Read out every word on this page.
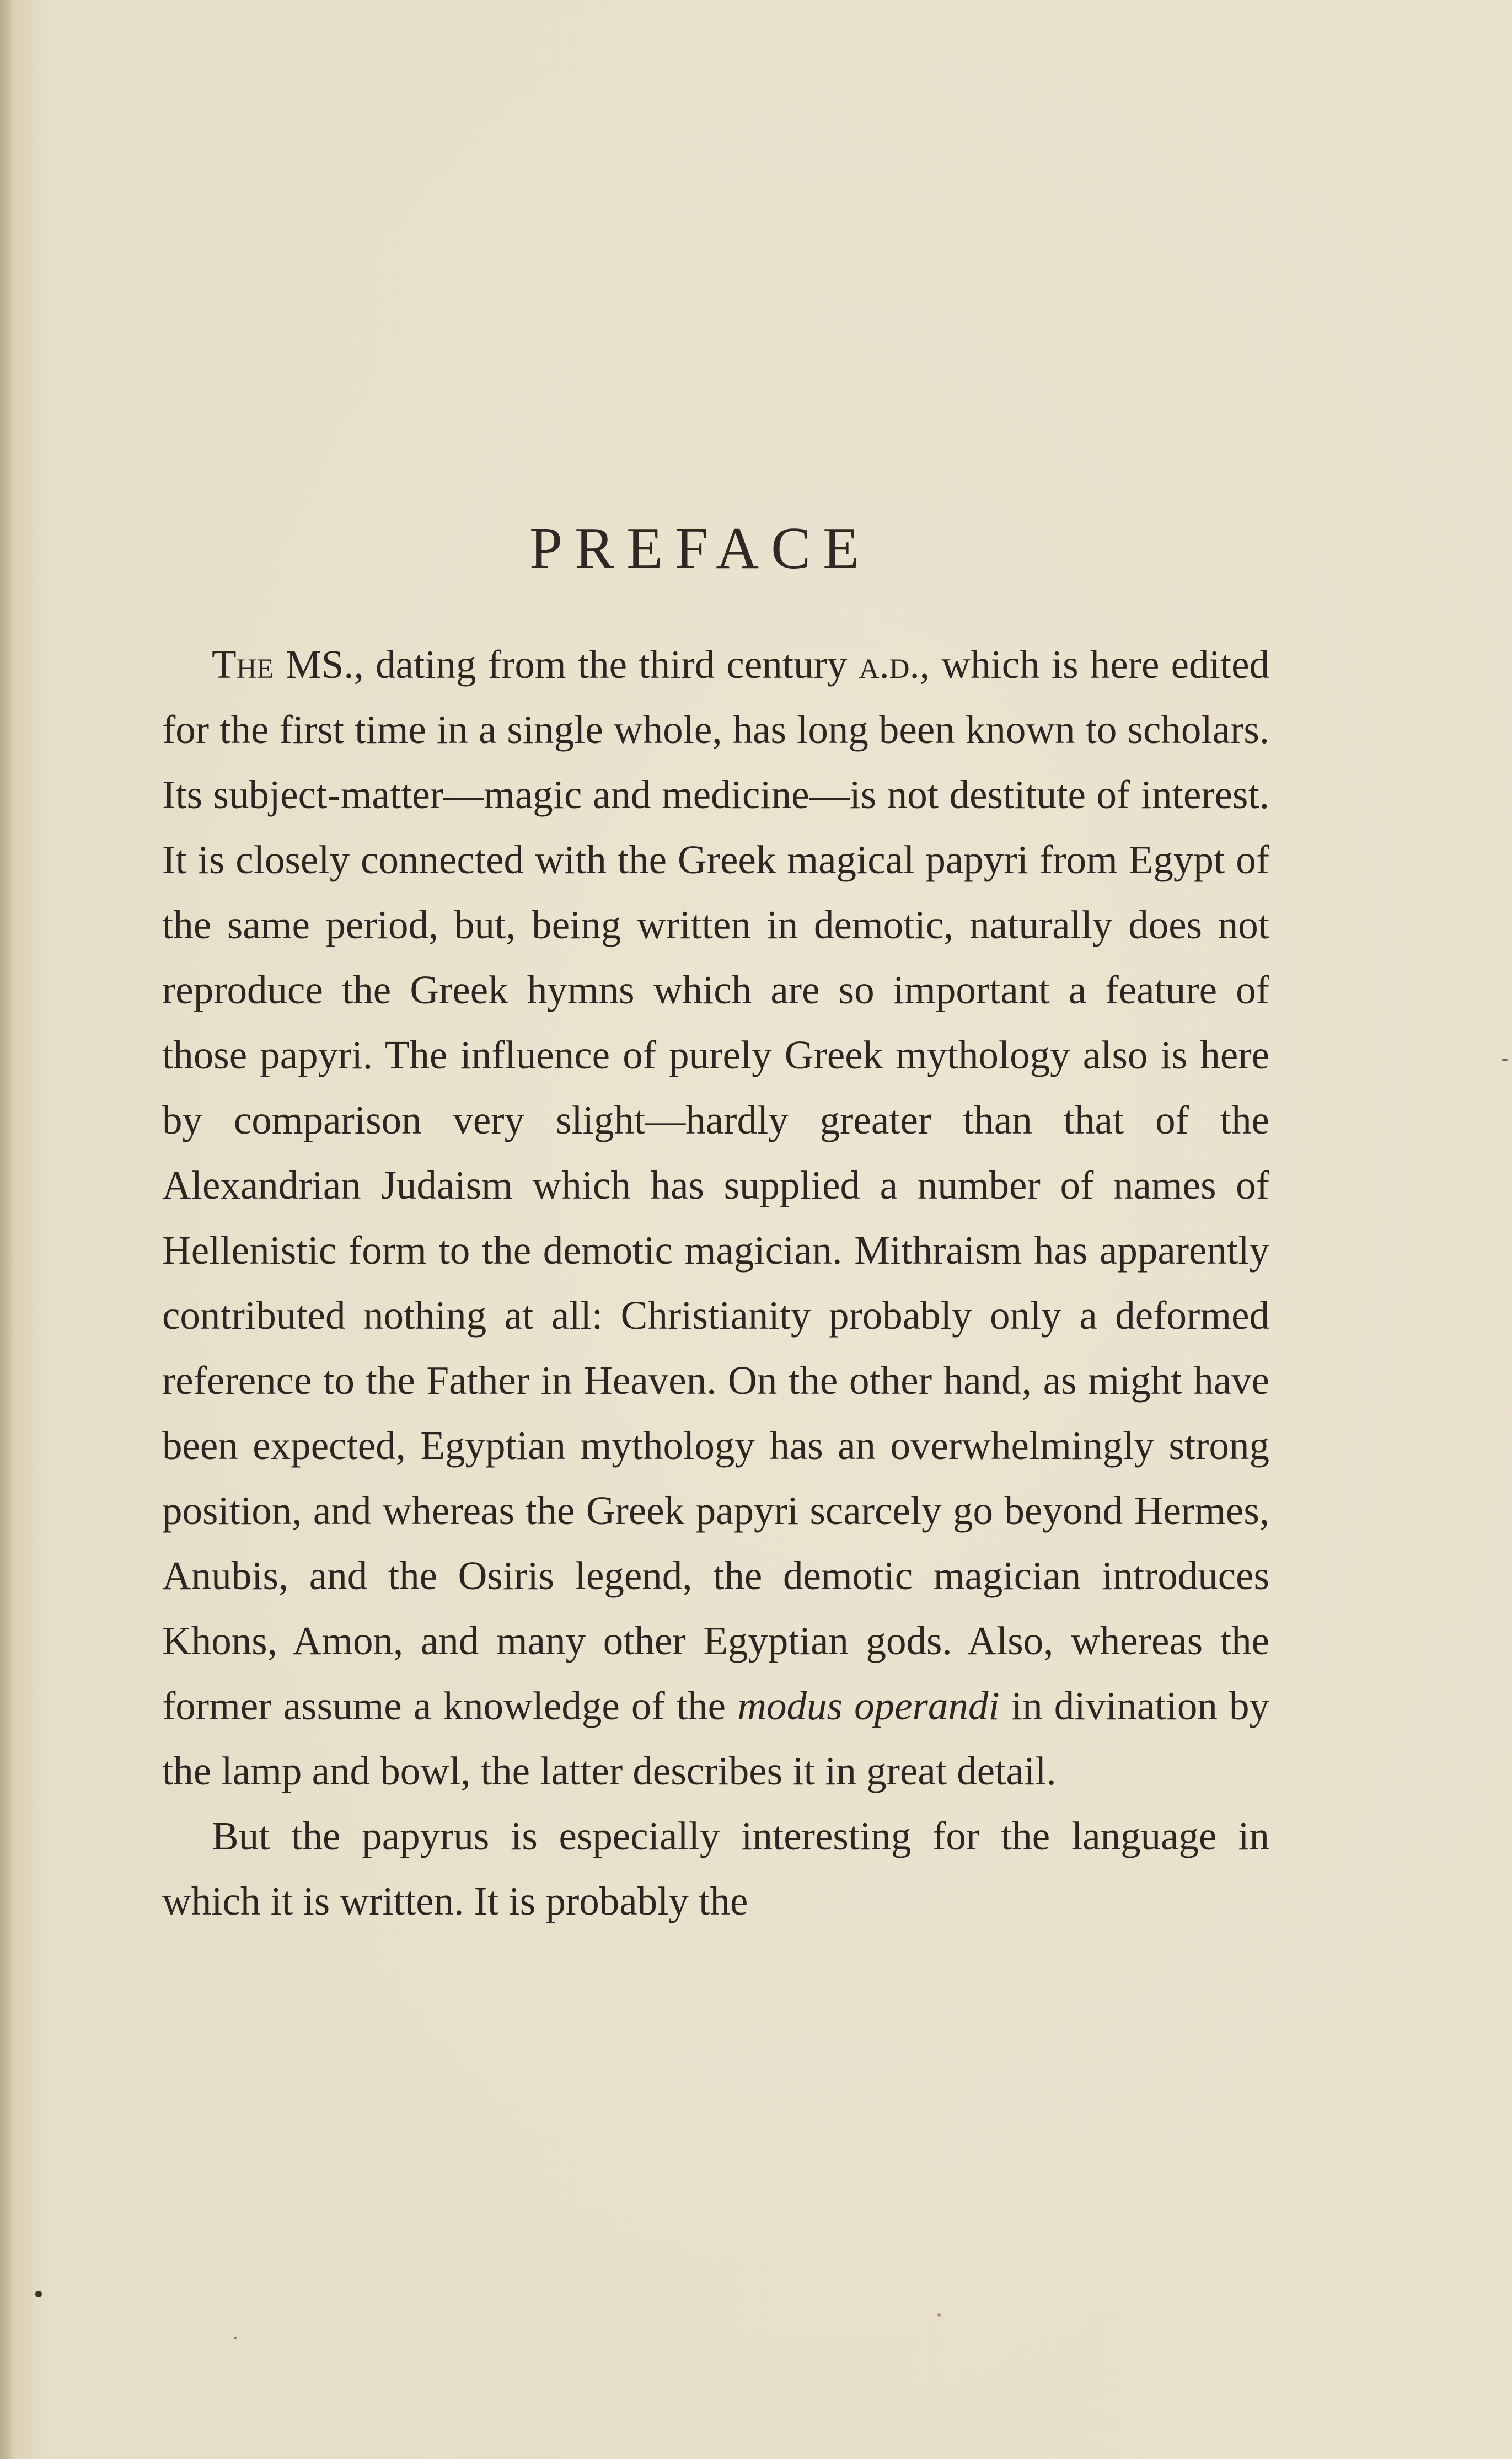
PREFACE

The MS., dating from the third century a.d., which is here edited for the first time in a single whole, has long been known to scholars. Its subject-matter—magic and medicine—is not destitute of interest. It is closely connected with the Greek magical papyri from Egypt of the same period, but, being written in demotic, naturally does not reproduce the Greek hymns which are so important a feature of those papyri. The influence of purely Greek mythology also is here by comparison very slight—hardly greater than that of the Alexandrian Judaism which has supplied a number of names of Hellenistic form to the demotic magician. Mithraism has apparently contributed nothing at all: Christianity probably only a deformed reference to the Father in Heaven. On the other hand, as might have been expected, Egyptian mythology has an overwhelmingly strong position, and whereas the Greek papyri scarcely go beyond Hermes, Anubis, and the Osiris legend, the demotic magician introduces Khons, Amon, and many other Egyptian gods. Also, whereas the former assume a knowledge of the modus operandi in divination by the lamp and bowl, the latter describes it in great detail.

But the papyrus is especially interesting for the language in which it is written. It is probably the
